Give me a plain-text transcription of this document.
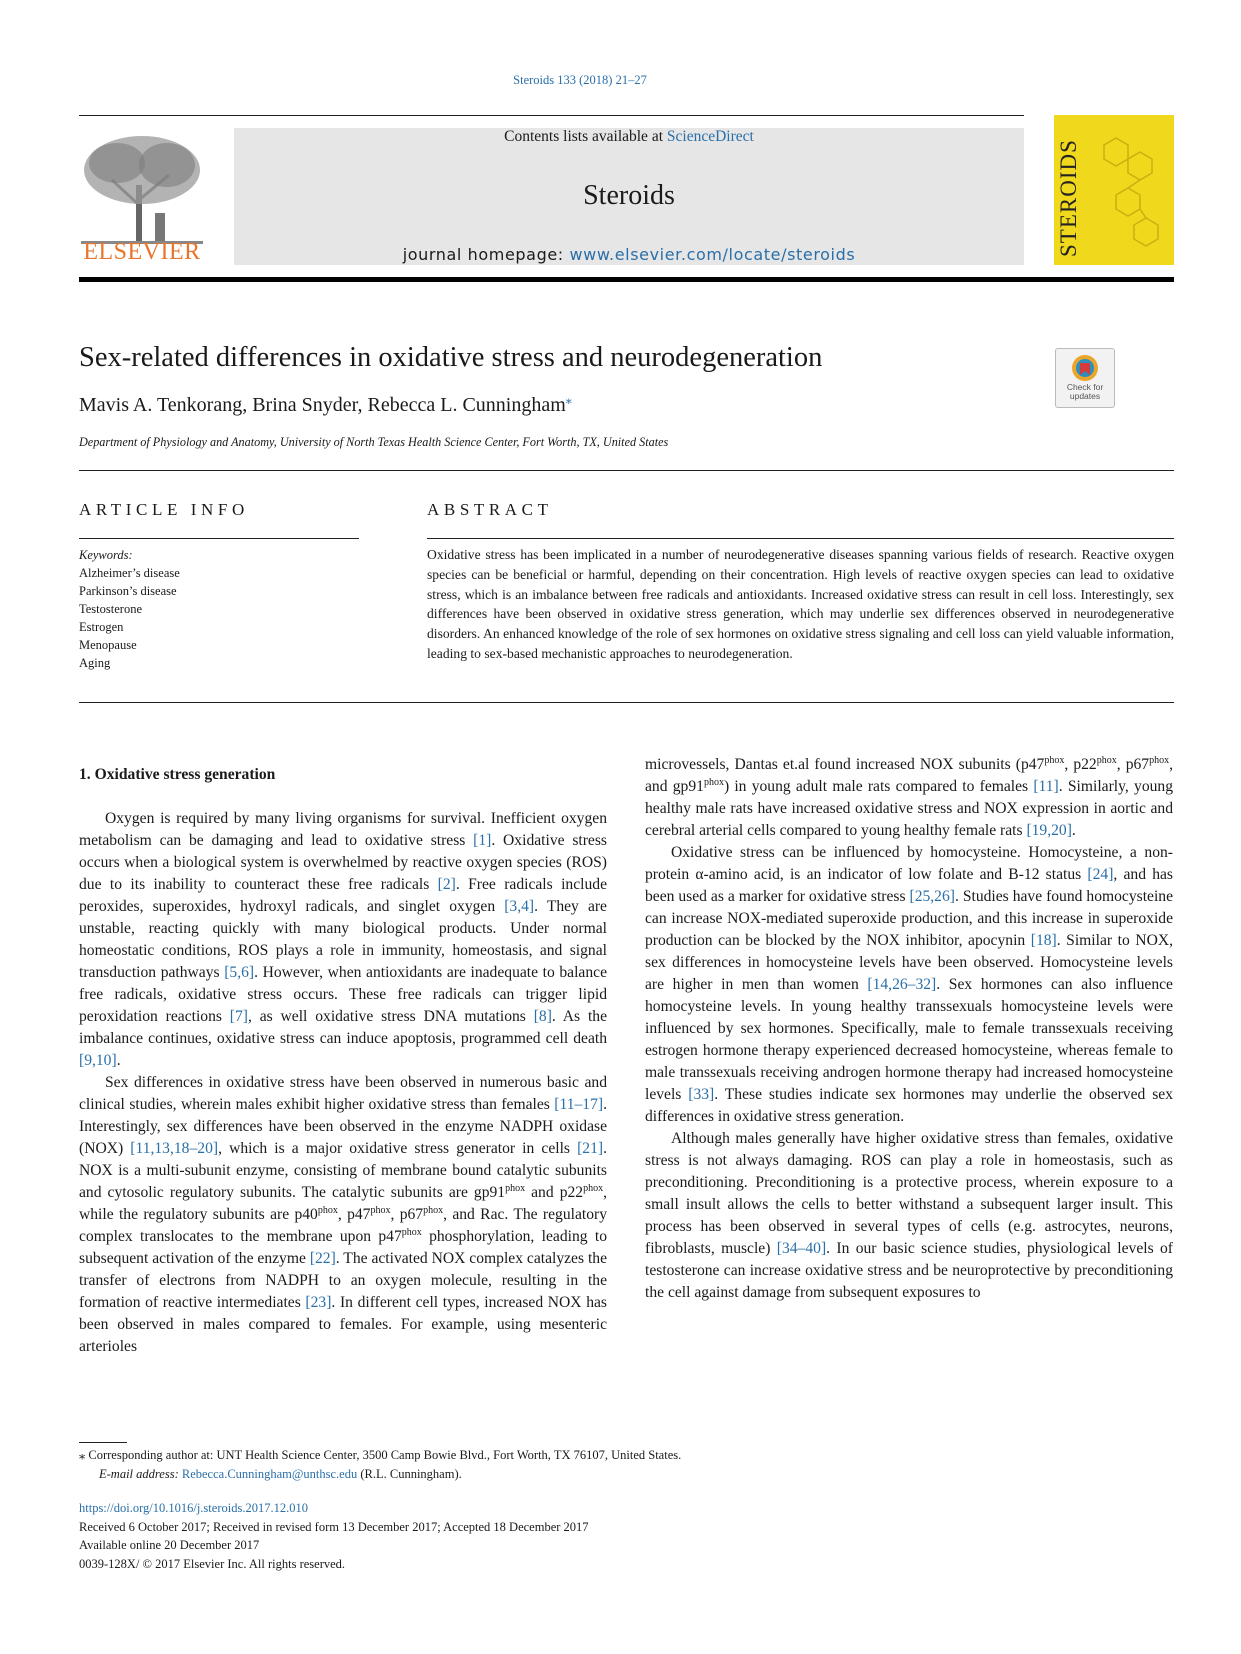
Steroids 133 (2018) 21–27
ELSEVIER
Contents lists available at ScienceDirect
Steroids
journal homepage: www.elsevier.com/locate/steroids	STEROIDS
Sex-related differences in oxidative stress and neurodegeneration
Mavis A. Tenkorang, Brina Snyder, Rebecca L. Cunningham⁎
Department of Physiology and Anatomy, University of North Texas Health Science Center, Fort Worth, TX, United States
Check for updates
ARTICLE INFO	ABSTRACT
Keywords:
Alzheimer’s disease
Parkinson’s disease
Testosterone
Estrogen
Menopause
Aging
Oxidative stress has been implicated in a number of neurodegenerative diseases spanning various fields of research. Reactive oxygen species can be beneficial or harmful, depending on their concentration. High levels of reactive oxygen species can lead to oxidative stress, which is an imbalance between free radicals and antioxidants. Increased oxidative stress can result in cell loss. Interestingly, sex differences have been observed in oxidative stress generation, which may underlie sex differences observed in neurodegenerative disorders. An enhanced knowledge of the role of sex hormones on oxidative stress signaling and cell loss can yield valuable information, leading to sex-based mechanistic approaches to neurodegeneration.
1. Oxidative stress generation

Oxygen is required by many living organisms for survival. Inefficient oxygen metabolism can be damaging and lead to oxidative stress [1]. Oxidative stress occurs when a biological system is overwhelmed by reactive oxygen species (ROS) due to its inability to counteract these free radicals [2]. Free radicals include peroxides, superoxides, hydroxyl radicals, and singlet oxygen [3,4]. They are unstable, reacting quickly with many biological products. Under normal homeostatic conditions, ROS plays a role in immunity, homeostasis, and signal transduction pathways [5,6]. However, when antioxidants are inadequate to balance free radicals, oxidative stress occurs. These free radicals can trigger lipid peroxidation reactions [7], as well oxidative stress DNA mutations [8]. As the imbalance continues, oxidative stress can induce apoptosis, programmed cell death [9,10].

Sex differences in oxidative stress have been observed in numerous basic and clinical studies, wherein males exhibit higher oxidative stress than females [11–17]. Interestingly, sex differences have been observed in the enzyme NADPH oxidase (NOX) [11,13,18–20], which is a major oxidative stress generator in cells [21]. NOX is a multi-subunit enzyme, consisting of membrane bound catalytic subunits and cytosolic regulatory subunits. The catalytic subunits are $gp91^{phox}$ and $p22^{phox}$, while the regulatory subunits are $p40^{phox}$, $p47^{phox}$, $p67^{phox}$, and Rac. The regulatory complex translocates to the membrane upon $p47^{phox}$ phosphorylation, leading to subsequent activation of the enzyme [22]. The activated NOX complex catalyzes the transfer of electrons from NADPH to an oxygen molecule, resulting in the formation of reactive intermediates [23]. In different cell types, increased NOX has been observed in males compared to females. For example, using mesenteric arterioles

microvessels, Dantas et.al found increased NOX subunits ($p47^{phox}$, $p22^{phox}$, $p67^{phox}$, and $gp91^{phox}$) in young adult male rats compared to females [11]. Similarly, young healthy male rats have increased oxidative stress and NOX expression in aortic and cerebral arterial cells compared to young healthy female rats [19,20].

Oxidative stress can be influenced by homocysteine. Homocysteine, a non-protein α-amino acid, is an indicator of low folate and B-12 status [24], and has been used as a marker for oxidative stress [25,26]. Studies have found homocysteine can increase NOX-mediated superoxide production, and this increase in superoxide production can be blocked by the NOX inhibitor, apocynin [18]. Similar to NOX, sex differences in homocysteine levels have been observed. Homocysteine levels are higher in men than women [14,26–32]. Sex hormones can also influence homocysteine levels. In young healthy transsexuals homocysteine levels were influenced by sex hormones. Specifically, male to female transsexuals receiving estrogen hormone therapy experienced decreased homocysteine, whereas female to male transsexuals receiving androgen hormone therapy had increased homocysteine levels [33]. These studies indicate sex hormones may underlie the observed sex differences in oxidative stress generation.

Although males generally have higher oxidative stress than females, oxidative stress is not always damaging. ROS can play a role in homeostasis, such as preconditioning. Preconditioning is a protective process, wherein exposure to a small insult allows the cells to better withstand a subsequent larger insult. This process has been observed in several types of cells (e.g. astrocytes, neurons, fibroblasts, muscle) [34–40]. In our basic science studies, physiological levels of testosterone can increase oxidative stress and be neuroprotective by preconditioning the cell against damage from subsequent exposures to

⁎ Corresponding author at: UNT Health Science Center, 3500 Camp Bowie Blvd., Fort Worth, TX 76107, United States.
E-mail address: Rebecca.Cunningham@unthsc.edu (R.L. Cunningham).
https://doi.org/10.1016/j.steroids.2017.12.010
Received 6 October 2017; Received in revised form 13 December 2017; Accepted 18 December 2017
Available online 20 December 2017
0039-128X/ © 2017 Elsevier Inc. All rights reserved.
